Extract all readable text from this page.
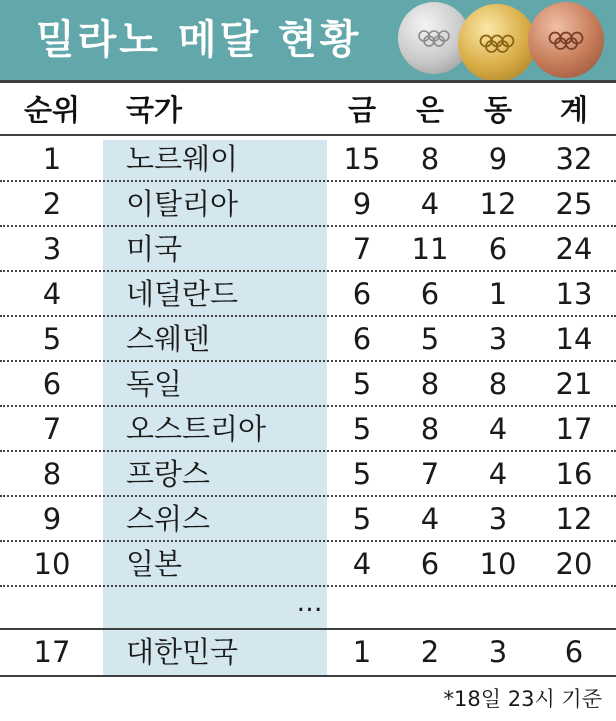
밀라노 메달 현황
순위	국가	금	은	동	계
1	노르웨이	15	8	9	32
2	이탈리아	9	4	12	25
3	미국	7	11	6	24
4	네덜란드	6	6	1	13
5	스웨덴	6	5	3	14
6	독일	5	8	8	21
7	오스트리아	5	8	4	17
8	프랑스	5	7	4	16
9	스위스	5	4	3	12
10	일본	4	6	10	20
…
17	대한민국	1	2	3	6
*18일 23시 기준
